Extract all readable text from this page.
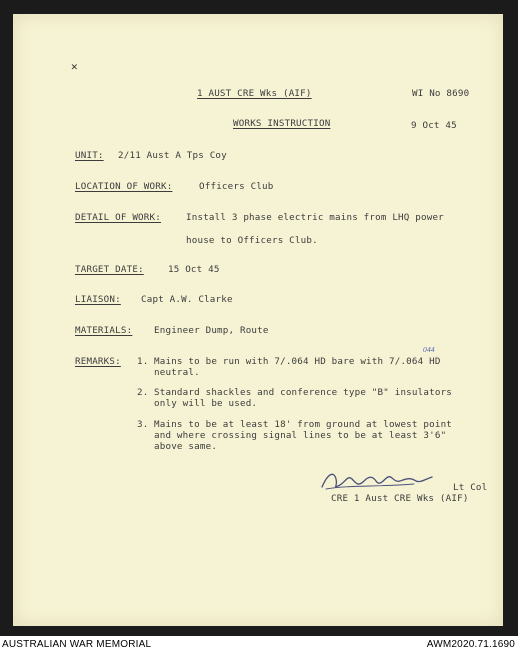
✕
1 AUST CRE Wks (AIF)	WI No 8690
WORKS INSTRUCTION	9 Oct 45
UNIT: 2/11 Aust A Tps Coy
LOCATION OF WORK:	Officers Club
DETAIL OF WORK:	Install 3 phase electric mains from LHQ power
house to Officers Club.
TARGET DATE:	15 Oct 45
LIAISON: Capt A.W. Clarke
MATERIALS: Engineer Dump, Route
REMARKS: 1. Mains to be run with 7/.064 HD bare with 7/.064 HD
neutral.
044
2. Standard shackles and conference type "B" insulators
only will be used.
3. Mains to be at least 18' from ground at lowest point
and where crossing signal lines to be at least 3'6"
above same.
Lt Col
CRE 1 Aust CRE Wks (AIF)
AUSTRALIAN WAR MEMORIAL	AWM2020.71.1690
